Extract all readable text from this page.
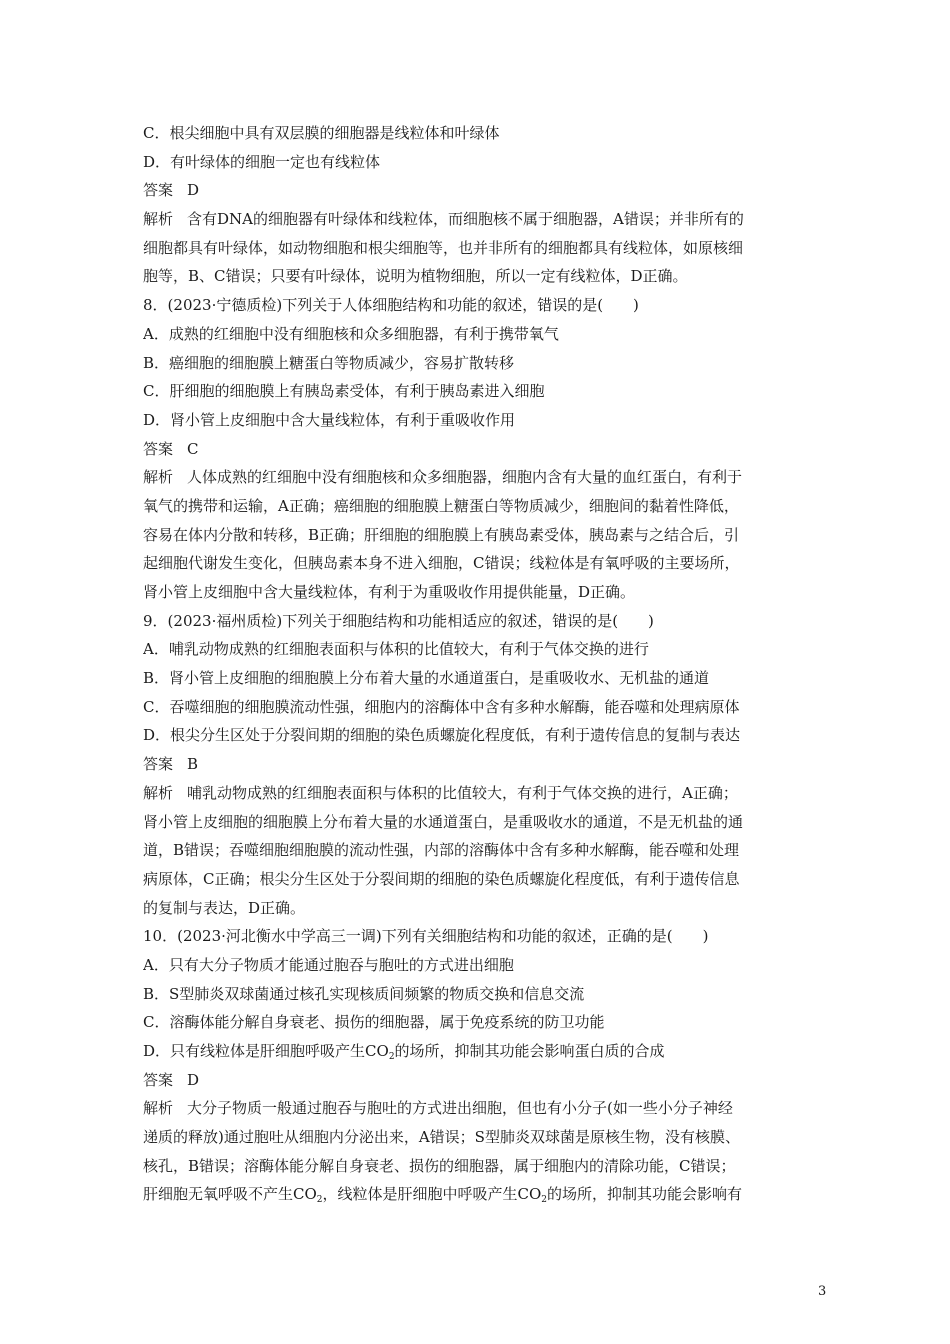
C．根尖细胞中具有双层膜的细胞器是线粒体和叶绿体
D．有叶绿体的细胞一定也有线粒体
答案 D
解析 含有DNA的细胞器有叶绿体和线粒体，而细胞核不属于细胞器，A错误；并非所有的
细胞都具有叶绿体，如动物细胞和根尖细胞等，也并非所有的细胞都具有线粒体，如原核细
胞等，B、C错误；只要有叶绿体，说明为植物细胞，所以一定有线粒体，D正确。
8．(2023·宁德质检)下列关于人体细胞结构和功能的叙述，错误的是(　　)
A．成熟的红细胞中没有细胞核和众多细胞器，有利于携带氧气
B．癌细胞的细胞膜上糖蛋白等物质减少，容易扩散转移
C．肝细胞的细胞膜上有胰岛素受体，有利于胰岛素进入细胞
D．肾小管上皮细胞中含大量线粒体，有利于重吸收作用
答案 C
解析 人体成熟的红细胞中没有细胞核和众多细胞器，细胞内含有大量的血红蛋白，有利于
氧气的携带和运输，A正确；癌细胞的细胞膜上糖蛋白等物质减少，细胞间的黏着性降低，
容易在体内分散和转移，B正确；肝细胞的细胞膜上有胰岛素受体，胰岛素与之结合后，引
起细胞代谢发生变化，但胰岛素本身不进入细胞，C错误；线粒体是有氧呼吸的主要场所，
肾小管上皮细胞中含大量线粒体，有利于为重吸收作用提供能量，D正确。
9．(2023·福州质检)下列关于细胞结构和功能相适应的叙述，错误的是(　　)
A．哺乳动物成熟的红细胞表面积与体积的比值较大，有利于气体交换的进行
B．肾小管上皮细胞的细胞膜上分布着大量的水通道蛋白，是重吸收水、无机盐的通道
C．吞噬细胞的细胞膜流动性强，细胞内的溶酶体中含有多种水解酶，能吞噬和处理病原体
D．根尖分生区处于分裂间期的细胞的染色质螺旋化程度低，有利于遗传信息的复制与表达
答案 B
解析 哺乳动物成熟的红细胞表面积与体积的比值较大，有利于气体交换的进行，A正确；
肾小管上皮细胞的细胞膜上分布着大量的水通道蛋白，是重吸收水的通道，不是无机盐的通
道，B错误；吞噬细胞细胞膜的流动性强，内部的溶酶体中含有多种水解酶，能吞噬和处理
病原体，C正确；根尖分生区处于分裂间期的细胞的染色质螺旋化程度低，有利于遗传信息
的复制与表达，D正确。
10．(2023·河北衡水中学高三一调)下列有关细胞结构和功能的叙述，正确的是(　　)
A．只有大分子物质才能通过胞吞与胞吐的方式进出细胞
B．S型肺炎双球菌通过核孔实现核质间频繁的物质交换和信息交流
C．溶酶体能分解自身衰老、损伤的细胞器，属于免疫系统的防卫功能
D．只有线粒体是肝细胞呼吸产生$CO_2$的场所，抑制其功能会影响蛋白质的合成
答案 D
解析 大分子物质一般通过胞吞与胞吐的方式进出细胞，但也有小分子(如一些小分子神经
递质的释放)通过胞吐从细胞内分泌出来，A错误；S型肺炎双球菌是原核生物，没有核膜、
核孔，B错误；溶酶体能分解自身衰老、损伤的细胞器，属于细胞内的清除功能，C错误；
肝细胞无氧呼吸不产生$CO_2$，线粒体是肝细胞中呼吸产生$CO_2$的场所，抑制其功能会影响有
3
